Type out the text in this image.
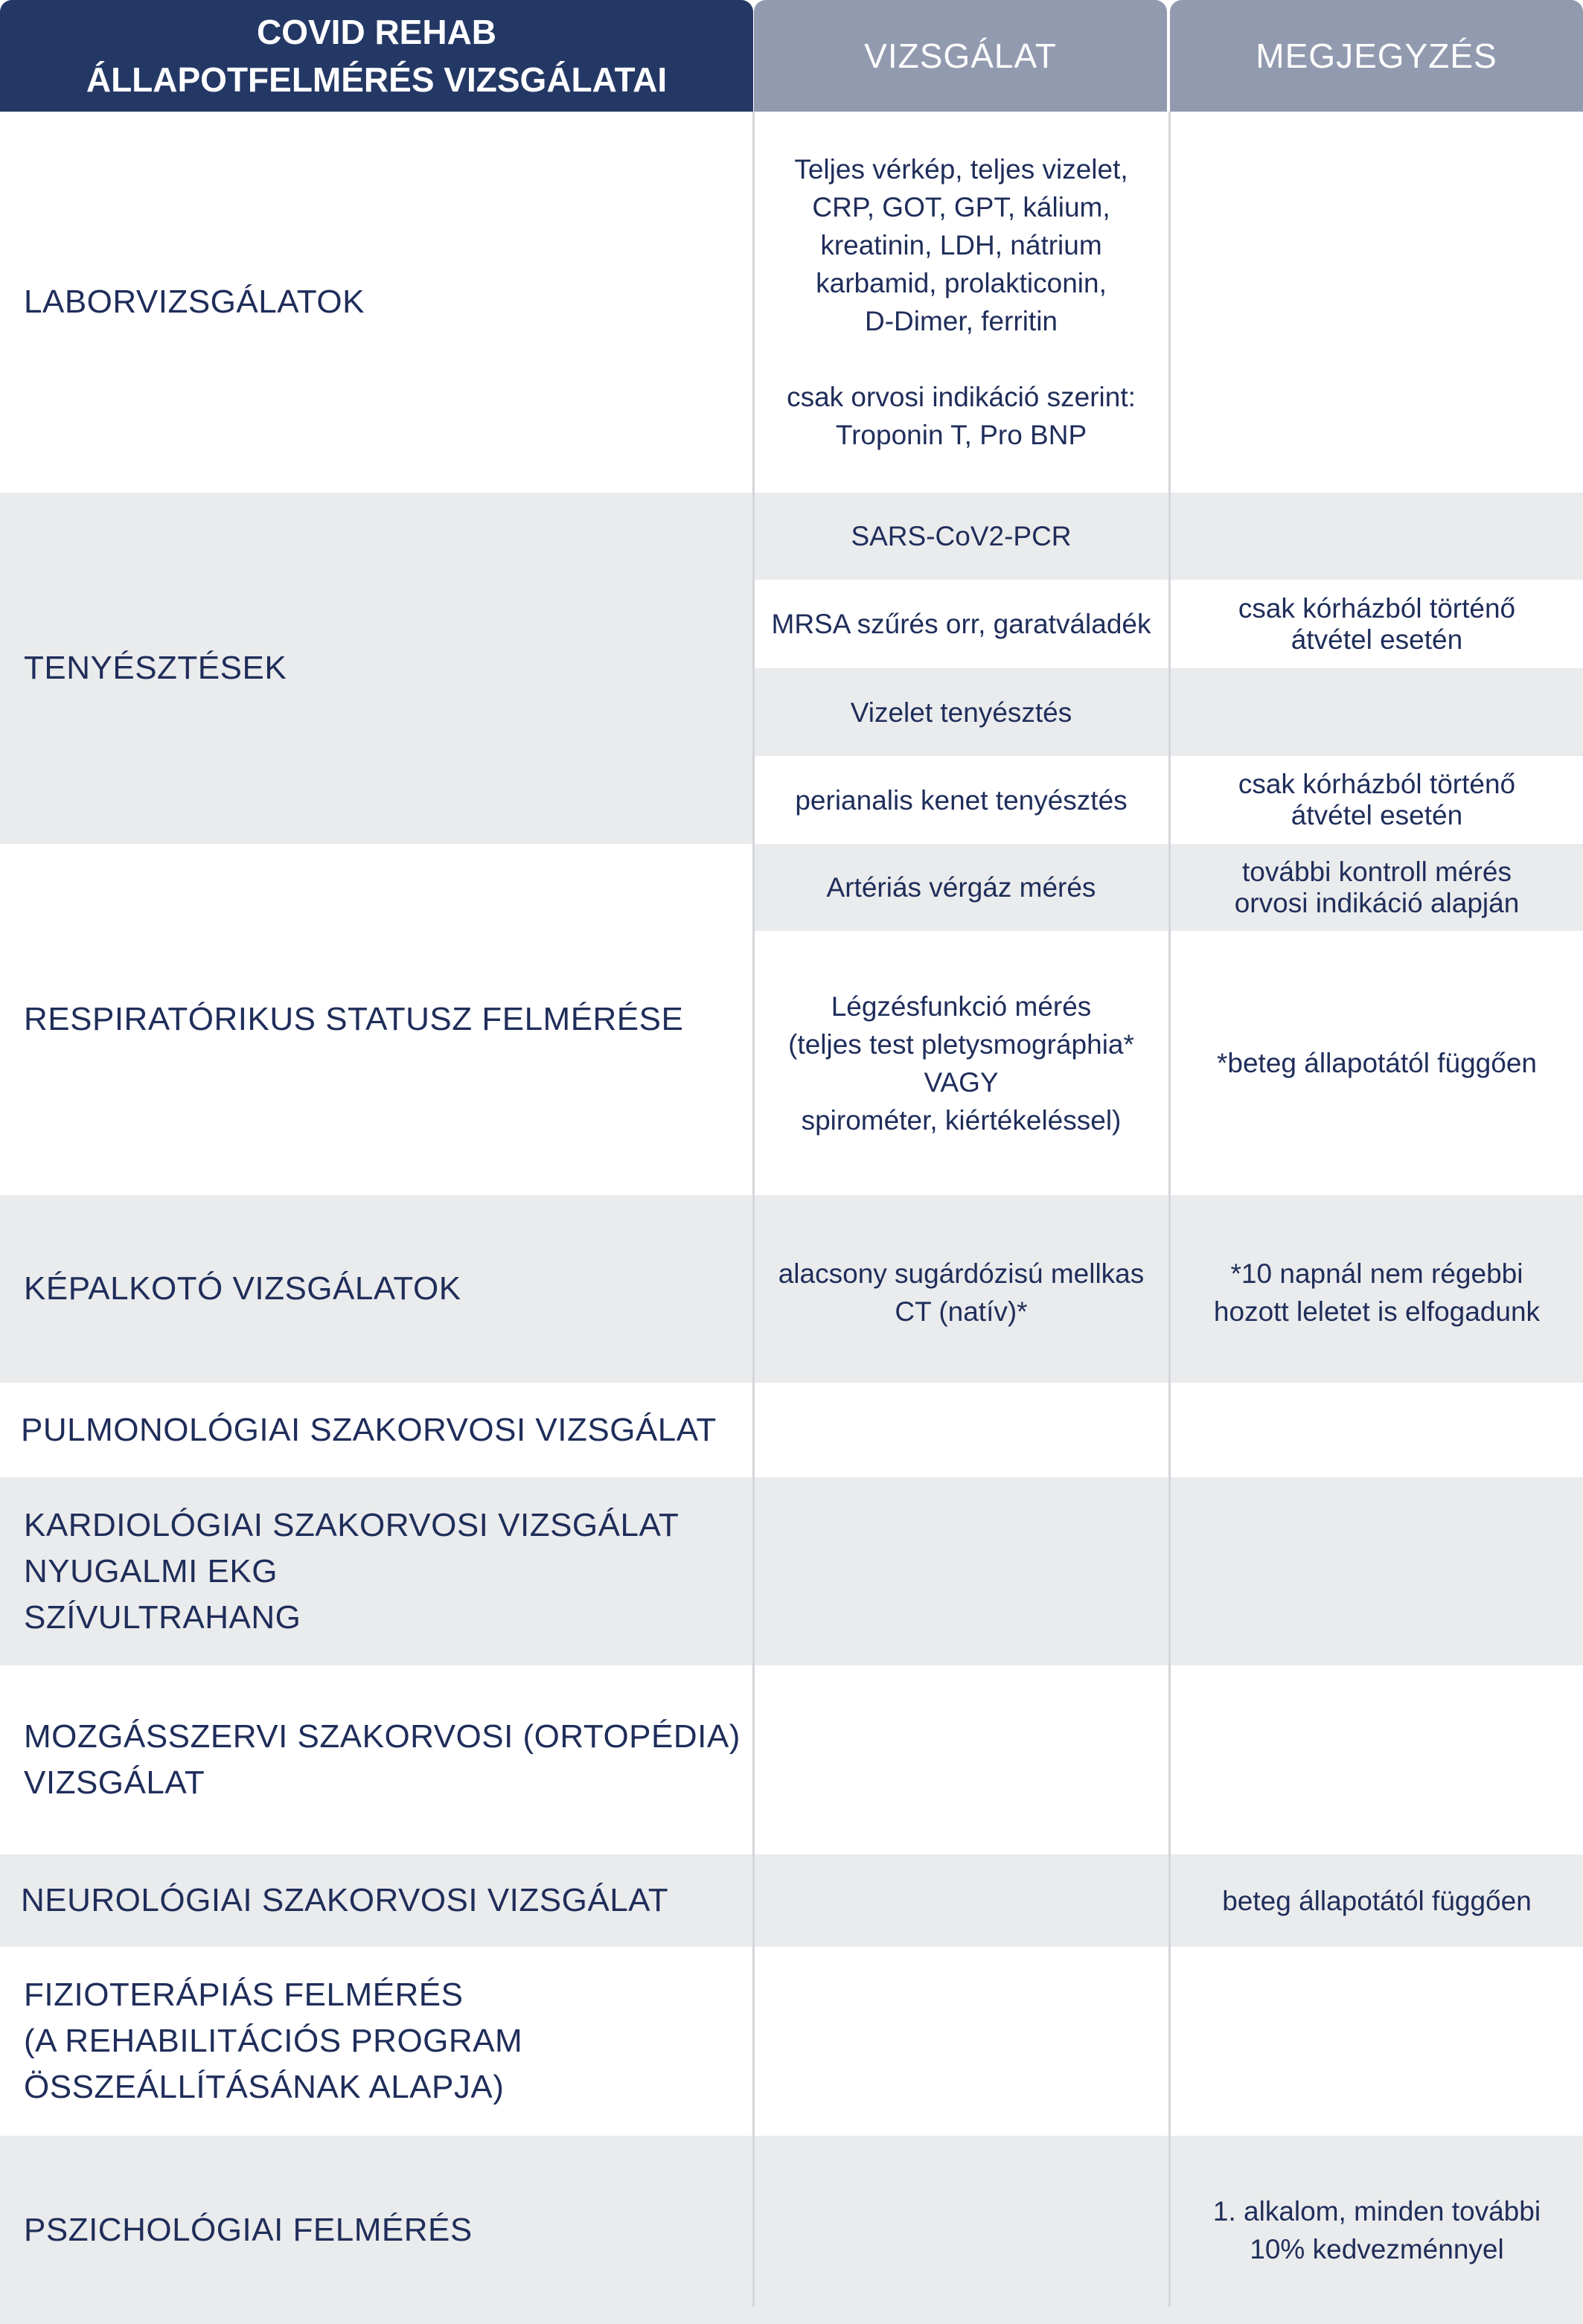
COVID REHAB
ÁLLAPOTFELMÉRÉS VIZSGÁLATAI
VIZSGÁLAT	MEGJEGYZÉS
LABORVIZSGÁLATOK
TENYÉSZTÉSEK
RESPIRATÓRIKUS STATUSZ FELMÉRÉSE
KÉPALKOTÓ VIZSGÁLATOK
PULMONOLÓGIAI SZAKORVOSI VIZSGÁLAT
KARDIOLÓGIAI SZAKORVOSI VIZSGÁLAT
NYUGALMI EKG
SZÍVULTRAHANG
MOZGÁSSZERVI SZAKORVOSI (ORTOPÉDIA)
VIZSGÁLAT
NEUROLÓGIAI SZAKORVOSI VIZSGÁLAT
FIZIOTERÁPIÁS FELMÉRÉS
(A REHABILITÁCIÓS PROGRAM
ÖSSZEÁLLÍTÁSÁNAK ALAPJA)
PSZICHOLÓGIAI FELMÉRÉS
Teljes vérkép, teljes vizelet,
CRP, GOT, GPT, kálium,
kreatinin, LDH, nátrium
karbamid, prolakticonin,
D-Dimer, ferritin
csak orvosi indikáció szerint:
Troponin T, Pro BNP
SARS-CoV2-PCR
MRSA szűrés orr, garatváladék
Vizelet tenyésztés
perianalis kenet tenyésztés
Artériás vérgáz mérés
Légzésfunkció mérés
(teljes test pletysmográphia*
VAGY
spirométer, kiértékeléssel)
alacsony sugárdózisú mellkas
CT (natív)*
csak kórházból történő
átvétel esetén
csak kórházból történő
átvétel esetén
további kontroll mérés
orvosi indikáció alapján
*beteg állapotától függően
*10 napnál nem régebbi
hozott leletet is elfogadunk
beteg állapotától függően
1. alkalom, minden további
10% kedvezménnyel
